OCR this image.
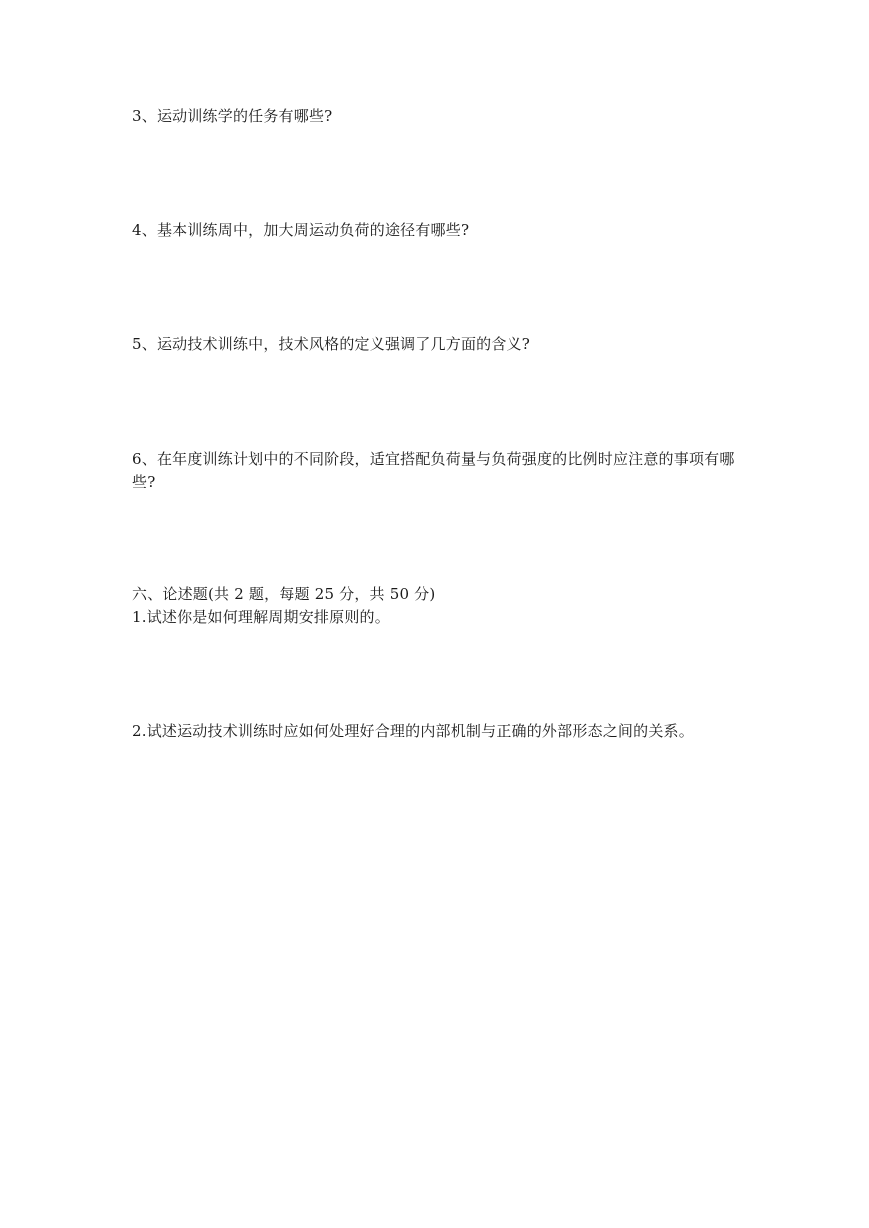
3、运动训练学的任务有哪些?
4、基本训练周中，加大周运动负荷的途径有哪些?
5、运动技术训练中，技术风格的定义强调了几方面的含义?
6、在年度训练计划中的不同阶段，适宜搭配负荷量与负荷强度的比例时应注意的事项有哪
些?
六、论述题(共 2 题，每题 25 分，共 50 分)
1.试述你是如何理解周期安排原则的。
2.试述运动技术训练时应如何处理好合理的内部机制与正确的外部形态之间的关系。
